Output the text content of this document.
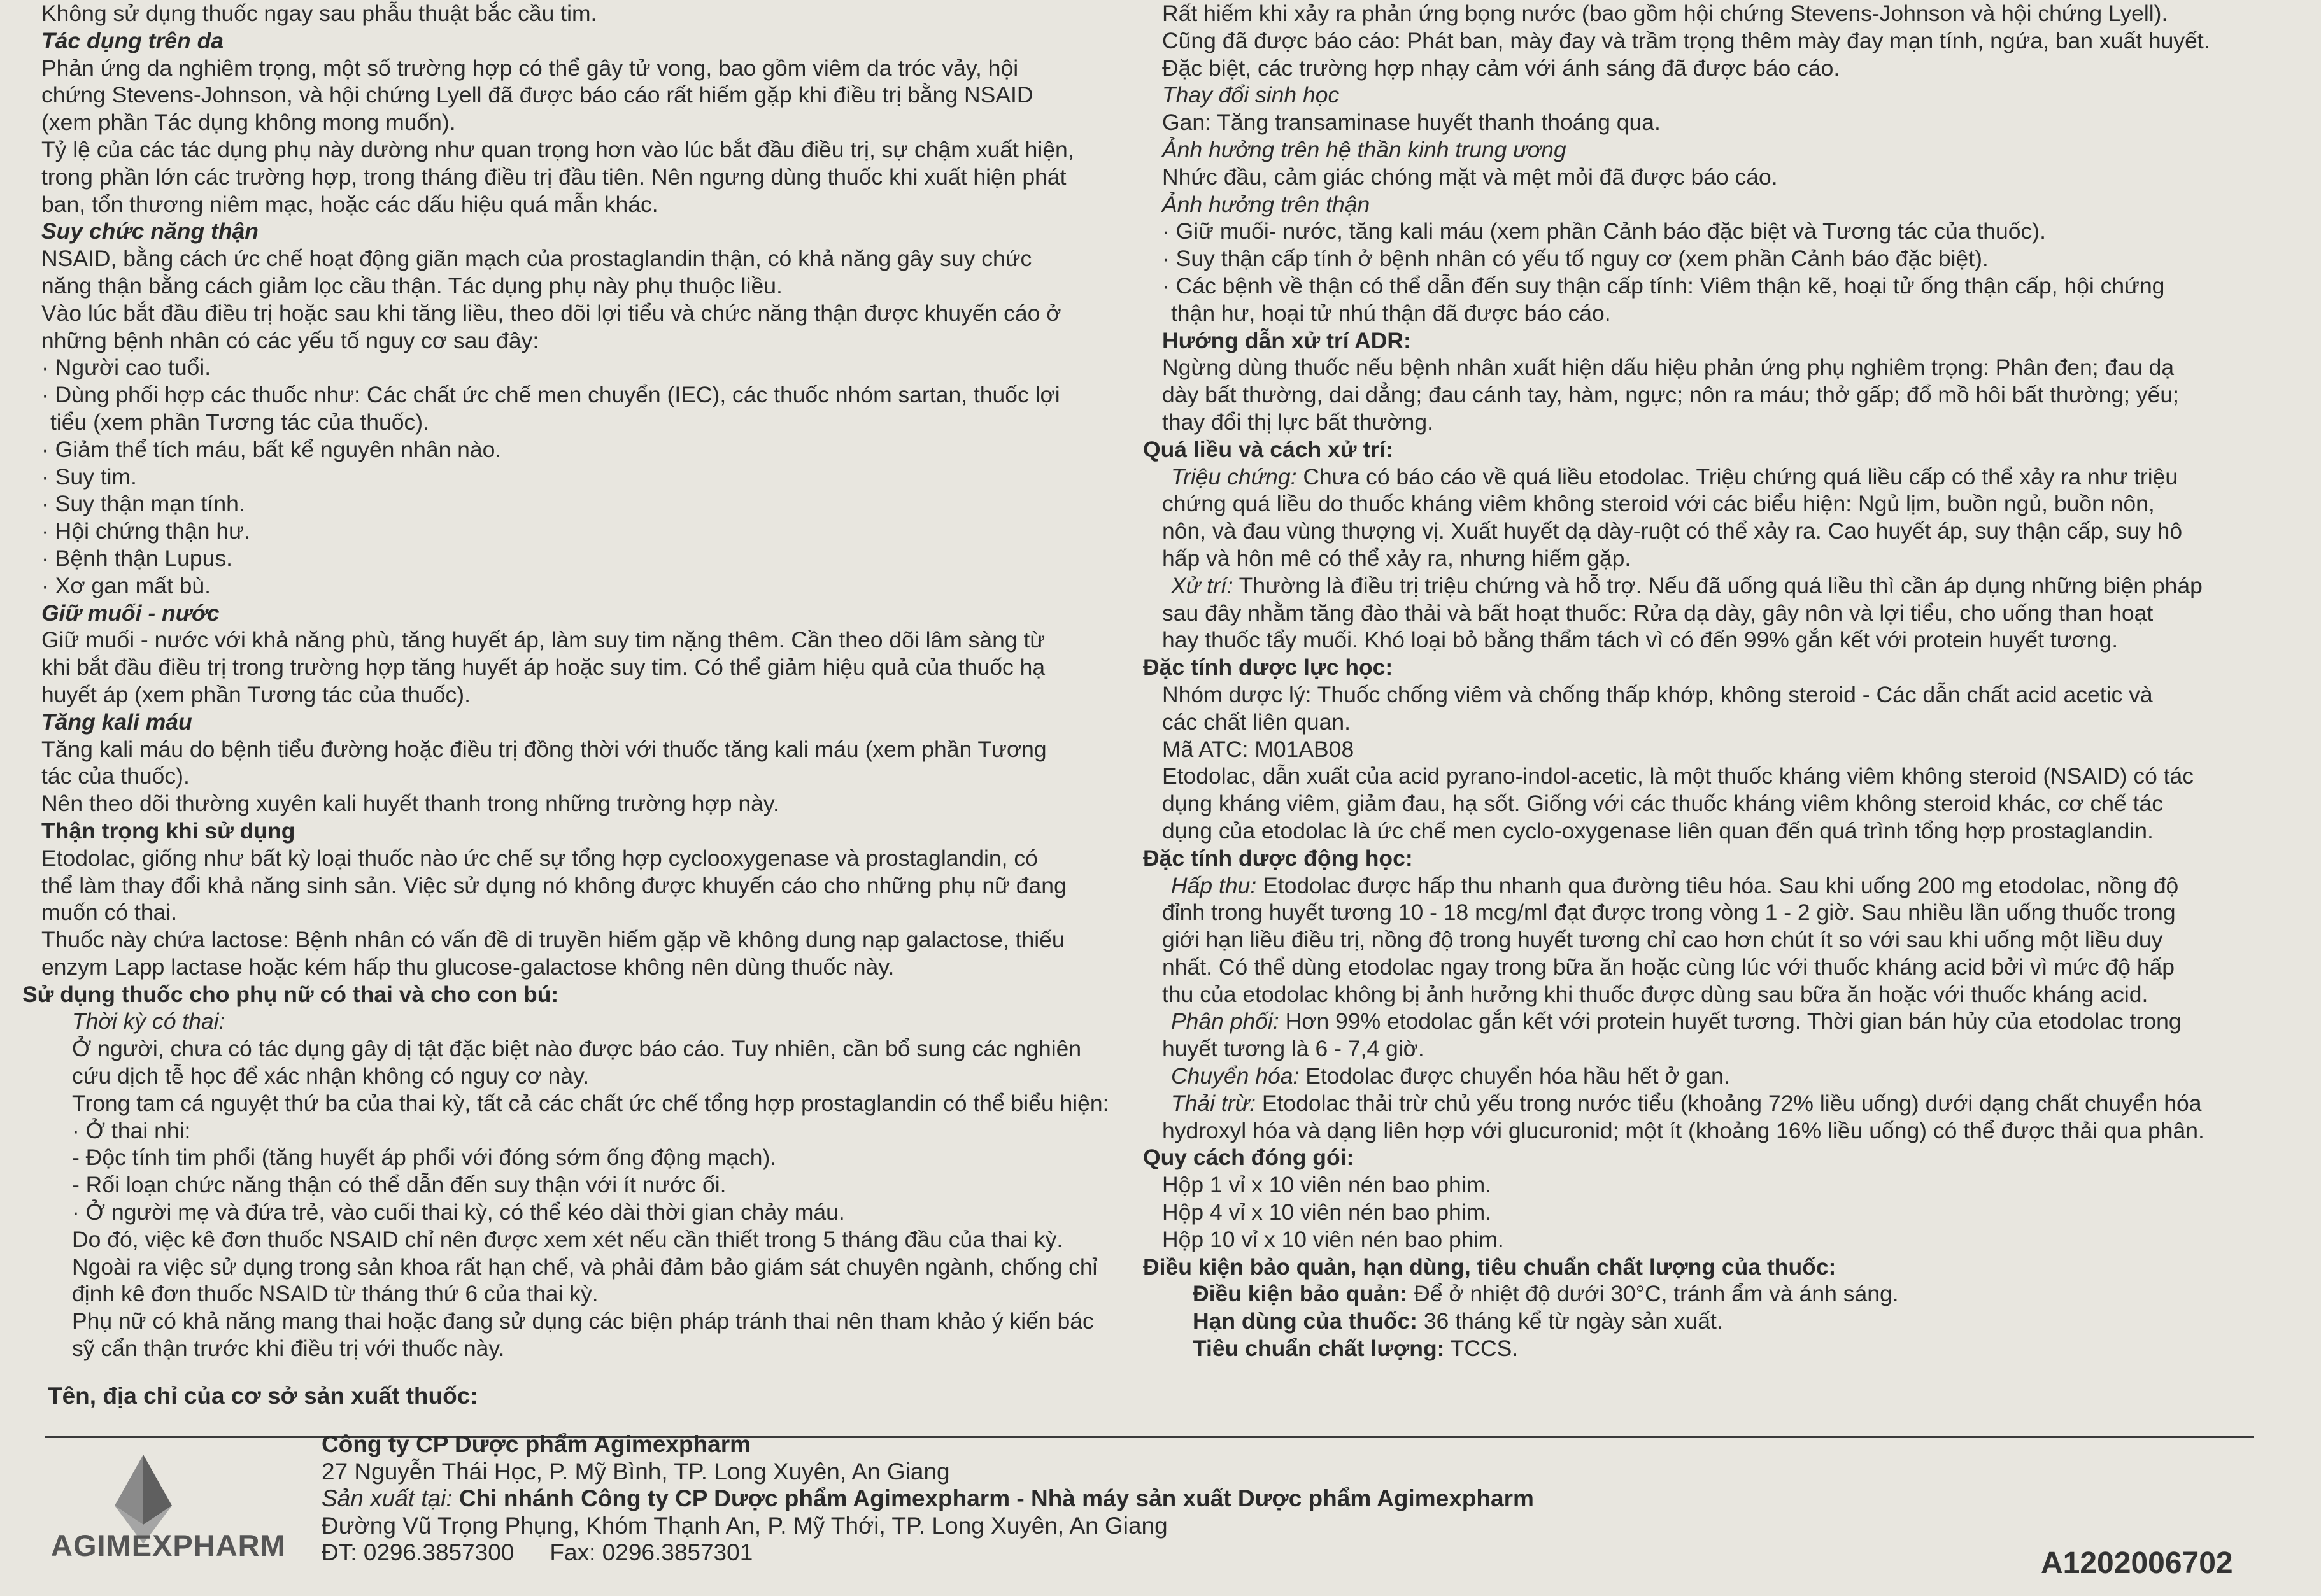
Không sử dụng thuốc ngay sau phẫu thuật bắc cầu tim.
Tác dụng trên da
Phản ứng da nghiêm trọng, một số trường hợp có thể gây tử vong, bao gồm viêm da tróc vảy, hội
chứng Stevens-Johnson, và hội chứng Lyell đã được báo cáo rất hiếm gặp khi điều trị bằng NSAID
(xem phần Tác dụng không mong muốn).
Tỷ lệ của các tác dụng phụ này dường như quan trọng hơn vào lúc bắt đầu điều trị, sự chậm xuất hiện,
trong phần lớn các trường hợp, trong tháng điều trị đầu tiên. Nên ngưng dùng thuốc khi xuất hiện phát
ban, tổn thương niêm mạc, hoặc các dấu hiệu quá mẫn khác.
Suy chức năng thận
NSAID, bằng cách ức chế hoạt động giãn mạch của prostaglandin thận, có khả năng gây suy chức
năng thận bằng cách giảm lọc cầu thận. Tác dụng phụ này phụ thuộc liều.
Vào lúc bắt đầu điều trị hoặc sau khi tăng liều, theo dõi lợi tiểu và chức năng thận được khuyến cáo ở
những bệnh nhân có các yếu tố nguy cơ sau đây:
· Người cao tuổi.
· Dùng phối hợp các thuốc như: Các chất ức chế men chuyển (IEC), các thuốc nhóm sartan, thuốc lợi
tiểu (xem phần Tương tác của thuốc).
· Giảm thể tích máu, bất kể nguyên nhân nào.
· Suy tim.
· Suy thận mạn tính.
· Hội chứng thận hư.
· Bệnh thận Lupus.
· Xơ gan mất bù.
Giữ muối - nước
Giữ muối - nước với khả năng phù, tăng huyết áp, làm suy tim nặng thêm. Cần theo dõi lâm sàng từ
khi bắt đầu điều trị trong trường hợp tăng huyết áp hoặc suy tim. Có thể giảm hiệu quả của thuốc hạ
huyết áp (xem phần Tương tác của thuốc).
Tăng kali máu
Tăng kali máu do bệnh tiểu đường hoặc điều trị đồng thời với thuốc tăng kali máu (xem phần Tương
tác của thuốc).
Nên theo dõi thường xuyên kali huyết thanh trong những trường hợp này.
Thận trọng khi sử dụng
Etodolac, giống như bất kỳ loại thuốc nào ức chế sự tổng hợp cyclooxygenase và prostaglandin, có
thể làm thay đổi khả năng sinh sản. Việc sử dụng nó không được khuyến cáo cho những phụ nữ đang
muốn có thai.
Thuốc này chứa lactose: Bệnh nhân có vấn đề di truyền hiếm gặp về không dung nạp galactose, thiếu
enzym Lapp lactase hoặc kém hấp thu glucose-galactose không nên dùng thuốc này.
Sử dụng thuốc cho phụ nữ có thai và cho con bú:
Thời kỳ có thai:
Ở người, chưa có tác dụng gây dị tật đặc biệt nào được báo cáo. Tuy nhiên, cần bổ sung các nghiên
cứu dịch tễ học để xác nhận không có nguy cơ này.
Trong tam cá nguyệt thứ ba của thai kỳ, tất cả các chất ức chế tổng hợp prostaglandin có thể biểu hiện:
· Ở thai nhi:
- Độc tính tim phổi (tăng huyết áp phổi với đóng sớm ống động mạch).
- Rối loạn chức năng thận có thể dẫn đến suy thận với ít nước ối.
· Ở người mẹ và đứa trẻ, vào cuối thai kỳ, có thể kéo dài thời gian chảy máu.
Do đó, việc kê đơn thuốc NSAID chỉ nên được xem xét nếu cần thiết trong 5 tháng đầu của thai kỳ.
Ngoài ra việc sử dụng trong sản khoa rất hạn chế, và phải đảm bảo giám sát chuyên ngành, chống chỉ
định kê đơn thuốc NSAID từ tháng thứ 6 của thai kỳ.
Phụ nữ có khả năng mang thai hoặc đang sử dụng các biện pháp tránh thai nên tham khảo ý kiến bác
sỹ cẩn thận trước khi điều trị với thuốc này.
Rất hiếm khi xảy ra phản ứng bọng nước (bao gồm hội chứng Stevens-Johnson và hội chứng Lyell).
Cũng đã được báo cáo: Phát ban, mày đay và trầm trọng thêm mày đay mạn tính, ngứa, ban xuất huyết.
Đặc biệt, các trường hợp nhạy cảm với ánh sáng đã được báo cáo.
Thay đổi sinh học
Gan: Tăng transaminase huyết thanh thoáng qua.
Ảnh hưởng trên hệ thần kinh trung ương
Nhức đầu, cảm giác chóng mặt và mệt mỏi đã được báo cáo.
Ảnh hưởng trên thận
· Giữ muối- nước, tăng kali máu (xem phần Cảnh báo đặc biệt và Tương tác của thuốc).
· Suy thận cấp tính ở bệnh nhân có yếu tố nguy cơ (xem phần Cảnh báo đặc biệt).
· Các bệnh về thận có thể dẫn đến suy thận cấp tính: Viêm thận kẽ, hoại tử ống thận cấp, hội chứng
thận hư, hoại tử nhú thận đã được báo cáo.
Hướng dẫn xử trí ADR:
Ngừng dùng thuốc nếu bệnh nhân xuất hiện dấu hiệu phản ứng phụ nghiêm trọng: Phân đen; đau dạ
dày bất thường, dai dẳng; đau cánh tay, hàm, ngực; nôn ra máu; thở gấp; đổ mồ hôi bất thường; yếu;
thay đổi thị lực bất thường.
Quá liều và cách xử trí:
Triệu chứng: Chưa có báo cáo về quá liều etodolac. Triệu chứng quá liều cấp có thể xảy ra như triệu
chứng quá liều do thuốc kháng viêm không steroid với các biểu hiện: Ngủ lịm, buồn ngủ, buồn nôn,
nôn, và đau vùng thượng vị. Xuất huyết dạ dày-ruột có thể xảy ra. Cao huyết áp, suy thận cấp, suy hô
hấp và hôn mê có thể xảy ra, nhưng hiếm gặp.
Xử trí: Thường là điều trị triệu chứng và hỗ trợ. Nếu đã uống quá liều thì cần áp dụng những biện pháp
sau đây nhằm tăng đào thải và bất hoạt thuốc: Rửa dạ dày, gây nôn và lợi tiểu, cho uống than hoạt
hay thuốc tẩy muối. Khó loại bỏ bằng thẩm tách vì có đến 99% gắn kết với protein huyết tương.
Đặc tính dược lực học:
Nhóm dược lý: Thuốc chống viêm và chống thấp khớp, không steroid - Các dẫn chất acid acetic và
các chất liên quan.
Mã ATC: M01AB08
Etodolac, dẫn xuất của acid pyrano-indol-acetic, là một thuốc kháng viêm không steroid (NSAID) có tác
dụng kháng viêm, giảm đau, hạ sốt. Giống với các thuốc kháng viêm không steroid khác, cơ chế tác
dụng của etodolac là ức chế men cyclo-oxygenase liên quan đến quá trình tổng hợp prostaglandin.
Đặc tính dược động học:
Hấp thu: Etodolac được hấp thu nhanh qua đường tiêu hóa. Sau khi uống 200 mg etodolac, nồng độ
đỉnh trong huyết tương 10 - 18 mcg/ml đạt được trong vòng 1 - 2 giờ. Sau nhiều lần uống thuốc trong
giới hạn liều điều trị, nồng độ trong huyết tương chỉ cao hơn chút ít so với sau khi uống một liều duy
nhất. Có thể dùng etodolac ngay trong bữa ăn hoặc cùng lúc với thuốc kháng acid bởi vì mức độ hấp
thu của etodolac không bị ảnh hưởng khi thuốc được dùng sau bữa ăn hoặc với thuốc kháng acid.
Phân phối: Hơn 99% etodolac gắn kết với protein huyết tương. Thời gian bán hủy của etodolac trong
huyết tương là 6 - 7,4 giờ.
Chuyển hóa: Etodolac được chuyển hóa hầu hết ở gan.
Thải trừ: Etodolac thải trừ chủ yếu trong nước tiểu (khoảng 72% liều uống) dưới dạng chất chuyển hóa
hydroxyl hóa và dạng liên hợp với glucuronid; một ít (khoảng 16% liều uống) có thể được thải qua phân.
Quy cách đóng gói:
Hộp 1 vỉ x 10 viên nén bao phim.
Hộp 4 vỉ x 10 viên nén bao phim.
Hộp 10 vỉ x 10 viên nén bao phim.
Điều kiện bảo quản, hạn dùng, tiêu chuẩn chất lượng của thuốc:
Điều kiện bảo quản: Để ở nhiệt độ dưới 30°C, tránh ẩm và ánh sáng.
Hạn dùng của thuốc: 36 tháng kể từ ngày sản xuất.
Tiêu chuẩn chất lượng: TCCS.
Tên, địa chỉ của cơ sở sản xuất thuốc:
AGIMEXPHARM
Công ty CP Dược phẩm Agimexpharm
27 Nguyễn Thái Học, P. Mỹ Bình, TP. Long Xuyên, An Giang
Sản xuất tại: Chi nhánh Công ty CP Dược phẩm Agimexpharm - Nhà máy sản xuất Dược phẩm Agimexpharm
Đường Vũ Trọng Phụng, Khóm Thạnh An, P. Mỹ Thới, TP. Long Xuyên, An Giang
ĐT: 0296.3857300 Fax: 0296.3857301	A1202006702
